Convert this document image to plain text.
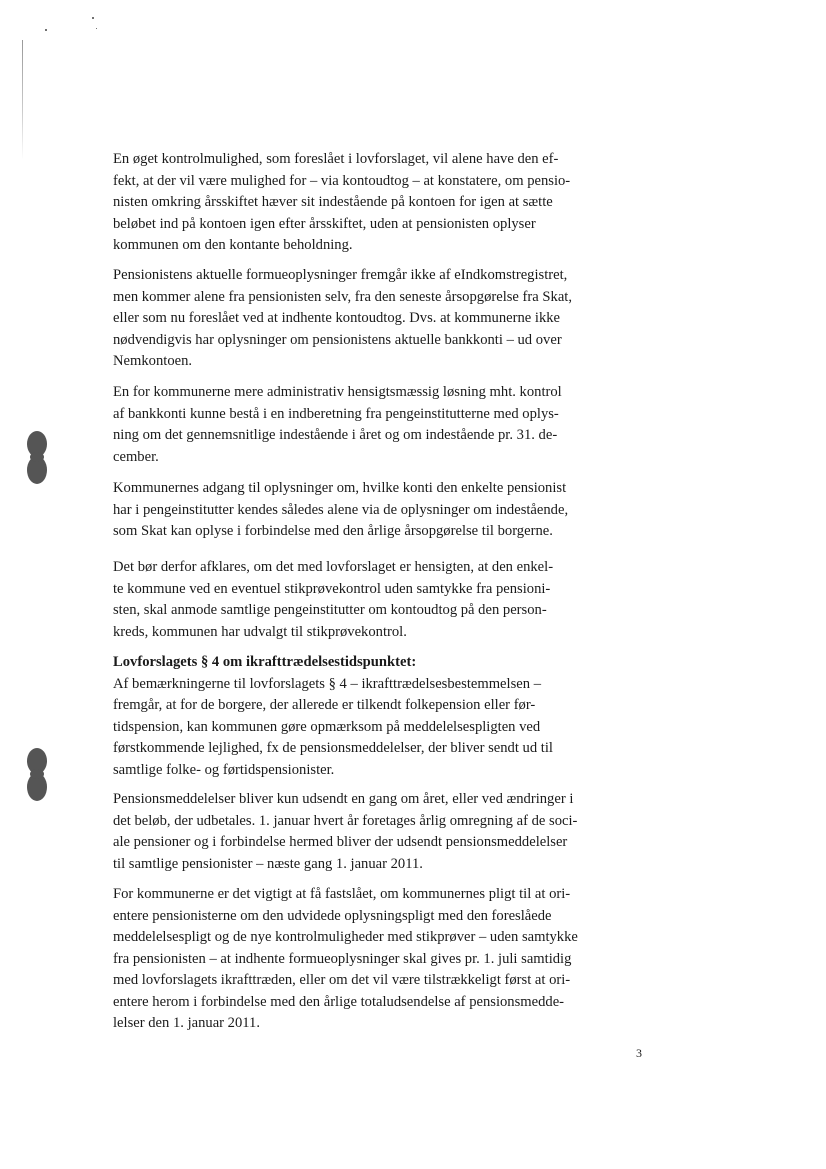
En øget kontrolmulighed, som foreslået i lovforslaget, vil alene have den ef-
fekt, at der vil være mulighed for – via kontoudtog – at konstatere, om pensio-
nisten omkring årsskiftet hæver sit indestående på kontoen for igen at sætte
beløbet ind på kontoen igen efter årsskiftet, uden at pensionisten oplyser
kommunen om den kontante beholdning.
Pensionistens aktuelle formueoplysninger fremgår ikke af eIndkomstregistret,
men kommer alene fra pensionisten selv, fra den seneste årsopgørelse fra Skat,
eller som nu foreslået ved at indhente kontoudtog. Dvs. at kommunerne ikke
nødvendigvis har oplysninger om pensionistens aktuelle bankkonti – ud over
Nemkontoen.
En for kommunerne mere administrativ hensigtsmæssig løsning mht. kontrol
af bankkonti kunne bestå i en indberetning fra pengeinstitutterne med oplys-
ning om det gennemsnitlige indestående i året og om indestående pr. 31. de-
cember.
Kommunernes adgang til oplysninger om, hvilke konti den enkelte pensionist
har i pengeinstitutter kendes således alene via de oplysninger om indestående,
som Skat kan oplyse i forbindelse med den årlige årsopgørelse til borgerne.
Det bør derfor afklares, om det med lovforslaget er hensigten, at den enkel-
te kommune ved en eventuel stikprøvekontrol uden samtykke fra pensioni-
sten, skal anmode samtlige pengeinstitutter om kontoudtog på den person-
kreds, kommunen har udvalgt til stikprøvekontrol.
Lovforslagets § 4 om ikrafttrædelsestidspunktet:
Af bemærkningerne til lovforslagets § 4 – ikrafttrædelsesbestemmelsen –
fremgår, at for de borgere, der allerede er tilkendt folkepension eller før-
tidspension, kan kommunen gøre opmærksom på meddelelsespligten ved
førstkommende lejlighed, fx de pensionsmeddelelser, der bliver sendt ud til
samtlige folke- og førtidspensionister.
Pensionsmeddelelser bliver kun udsendt en gang om året, eller ved ændringer i
det beløb, der udbetales. 1. januar hvert år foretages årlig omregning af de soci-
ale pensioner og i forbindelse hermed bliver der udsendt pensionsmeddelelser
til samtlige pensionister – næste gang 1. januar 2011.
For kommunerne er det vigtigt at få fastslået, om kommunernes pligt til at ori-
entere pensionisterne om den udvidede oplysningspligt med den foreslåede
meddelelsespligt og de nye kontrolmuligheder med stikprøver – uden samtykke
fra pensionisten – at indhente formueoplysninger skal gives pr. 1. juli samtidig
med lovforslagets ikrafttræden, eller om det vil være tilstrækkeligt først at ori-
entere herom i forbindelse med den årlige totaludsendelse af pensionsmedde-
lelser den 1. januar 2011.
3
